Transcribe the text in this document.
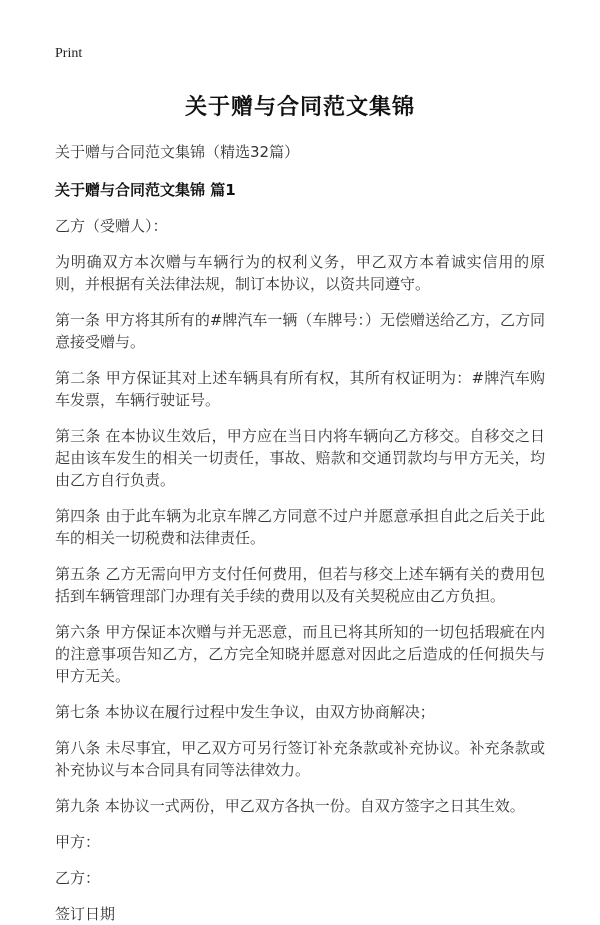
Print
关于赠与合同范文集锦
关于赠与合同范文集锦（精选32篇）
关于赠与合同范文集锦 篇1

乙方（受赠人）：

为明确双方本次赠与车辆行为的权利义务，甲乙双方本着诚实信用的原则，并根据有关法律法规，制订本协议，以资共同遵守。

第一条 甲方将其所有的#牌汽车一辆（车牌号：）无偿赠送给乙方，乙方同意接受赠与。

第二条 甲方保证其对上述车辆具有所有权，其所有权证明为：#牌汽车购车发票，车辆行驶证号。

第三条 在本协议生效后，甲方应在当日内将车辆向乙方移交。自移交之日起由该车发生的相关一切责任，事故、赔款和交通罚款均与甲方无关，均由乙方自行负责。

第四条 由于此车辆为北京车牌乙方同意不过户并愿意承担自此之后关于此车的相关一切税费和法律责任。

第五条 乙方无需向甲方支付任何费用，但若与移交上述车辆有关的费用包括到车辆管理部门办理有关手续的费用以及有关契税应由乙方负担。

第六条 甲方保证本次赠与并无恶意，而且已将其所知的一切包括瑕疵在内的注意事项告知乙方，乙方完全知晓并愿意对因此之后造成的任何损失与甲方无关。

第七条 本协议在履行过程中发生争议，由双方协商解决；

第八条 未尽事宜，甲乙双方可另行签订补充条款或补充协议。补充条款或补充协议与本合同具有同等法律效力。

第九条 本协议一式两份，甲乙双方各执一份。自双方签字之日其生效。

甲方：

乙方：

签订日期
